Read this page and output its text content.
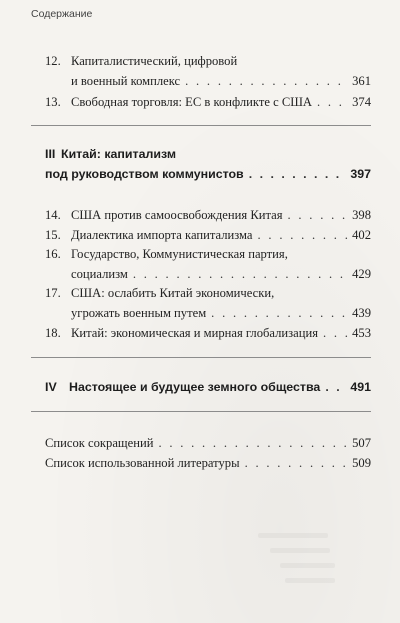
Содержание
12. Капиталистический, цифровой
и военный комплекс . . .	361
13. Свободная торговля: ЕС в конфликте с США . . .	374
III Китай: капитализм
под руководством коммунистов . . .	397
14. США против самоосвобождения Китая . . .	398
15. Диалектика импорта капитализма . . .	402
16. Государство, Коммунистическая партия,
социализм . . .	429
17. США: ослабить Китай экономически,
угрожать военным путем . . .	439
18. Китай: экономическая и мирная глобализация . . .	453
IV Настоящее и будущее земного общества . . . 491
Список сокращений . . .	507
Список использованной литературы . . .	509
